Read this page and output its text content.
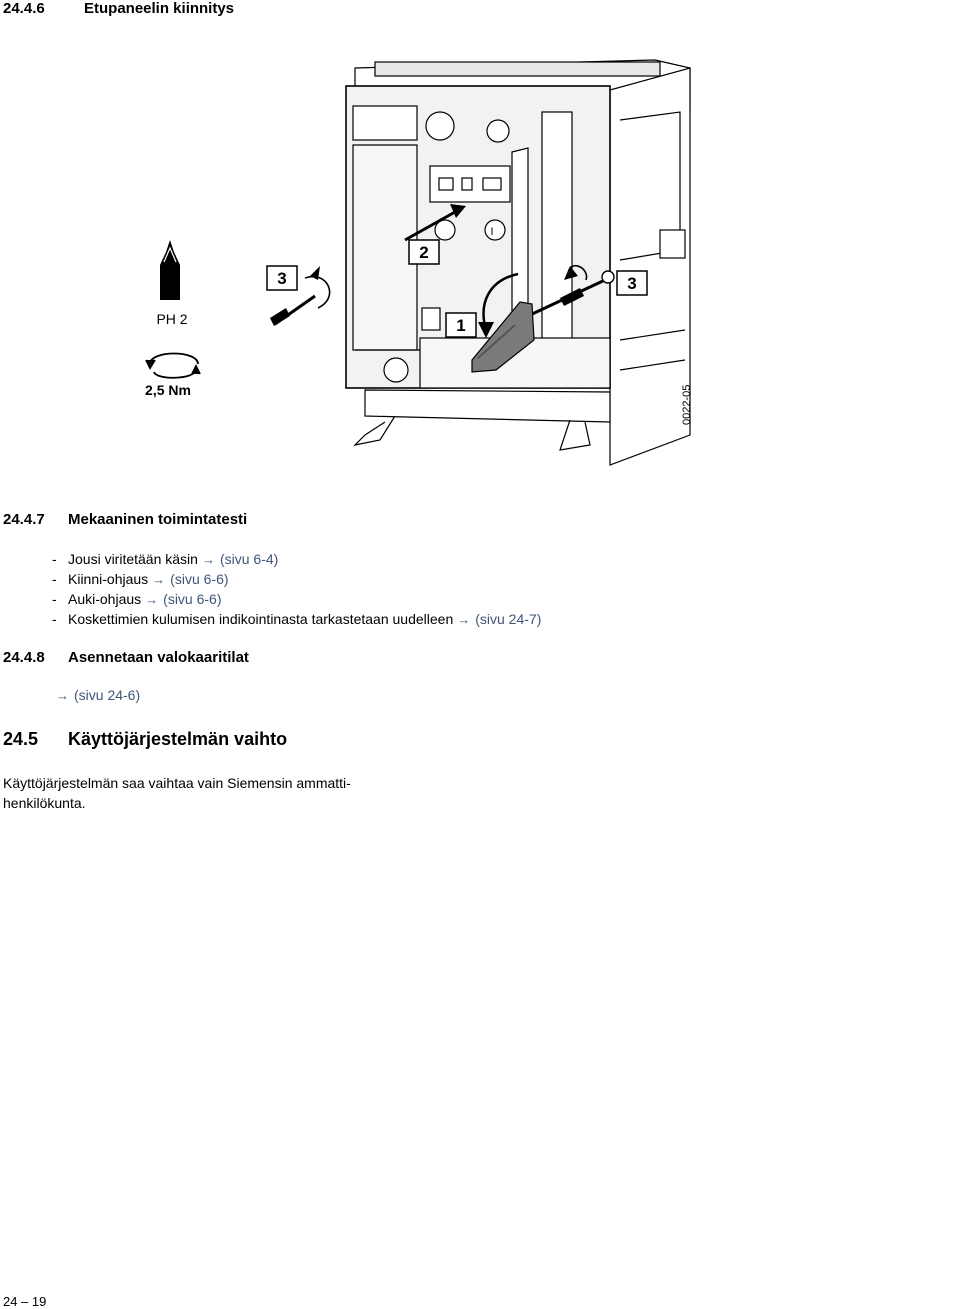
24.4.6	Etupaneelin kiinnitys
3
2
1
3
I
PH 2
2,5 Nm	0022-05
24.4.7 Mekaaninen toimintatesti
- Jousi viritetään käsin → (sivu 6-4)
- Kiinni-ohjaus → (sivu 6-6)
- Auki-ohjaus → (sivu 6-6)
- Koskettimien kulumisen indikointinasta tarkastetaan uudelleen → (sivu 24-7)
24.4.8 Asennetaan valokaaritilat
→ (sivu 24-6)
24.5 Käyttöjärjestelmän vaihto
Käyttöjärjestelmän saa vaihtaa vain Siemensin ammatti-
henkilökunta.
24 – 19
